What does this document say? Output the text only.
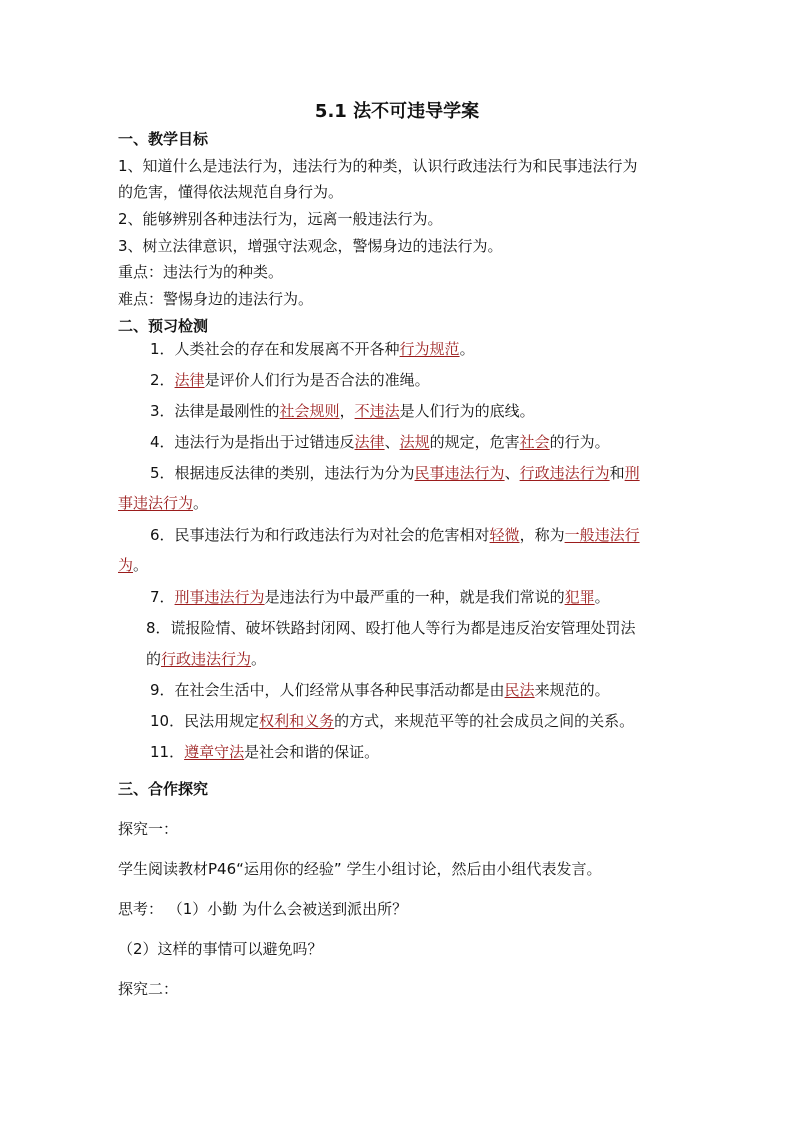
5.1 法不可违导学案
一、教学目标
1、知道什么是违法行为，违法行为的种类，认识行政违法行为和民事违法行为
的危害，懂得依法规范自身行为。
2、能够辨别各种违法行为，远离一般违法行为。
3、树立法律意识，增强守法观念，警惕身边的违法行为。
重点：违法行为的种类。
难点：警惕身边的违法行为。
二、预习检测
1．人类社会的存在和发展离不开各种行为规范。
2．法律是评价人们行为是否合法的准绳。
3．法律是最刚性的社会规则，不违法是人们行为的底线。
4．违法行为是指出于过错违反法律、法规的规定，危害社会的行为。
5．根据违反法律的类别，违法行为分为民事违法行为、行政违法行为和刑
事违法行为。
6．民事违法行为和行政违法行为对社会的危害相对轻微，称为一般违法行
为。
7．刑事违法行为是违法行为中最严重的一种，就是我们常说的犯罪。
8．谎报险情、破坏铁路封闭网、殴打他人等行为都是违反治安管理处罚法
的行政违法行为。
9．在社会生活中，人们经常从事各种民事活动都是由民法来规范的。
10．民法用规定权利和义务的方式，来规范平等的社会成员之间的关系。
11．遵章守法是社会和谐的保证。
三、合作探究
探究一：
学生阅读教材P46“运用你的经验” 学生小组讨论，然后由小组代表发言。
思考： （1）小勤 为什么会被送到派出所？
（2）这样的事情可以避免吗？
探究二：
